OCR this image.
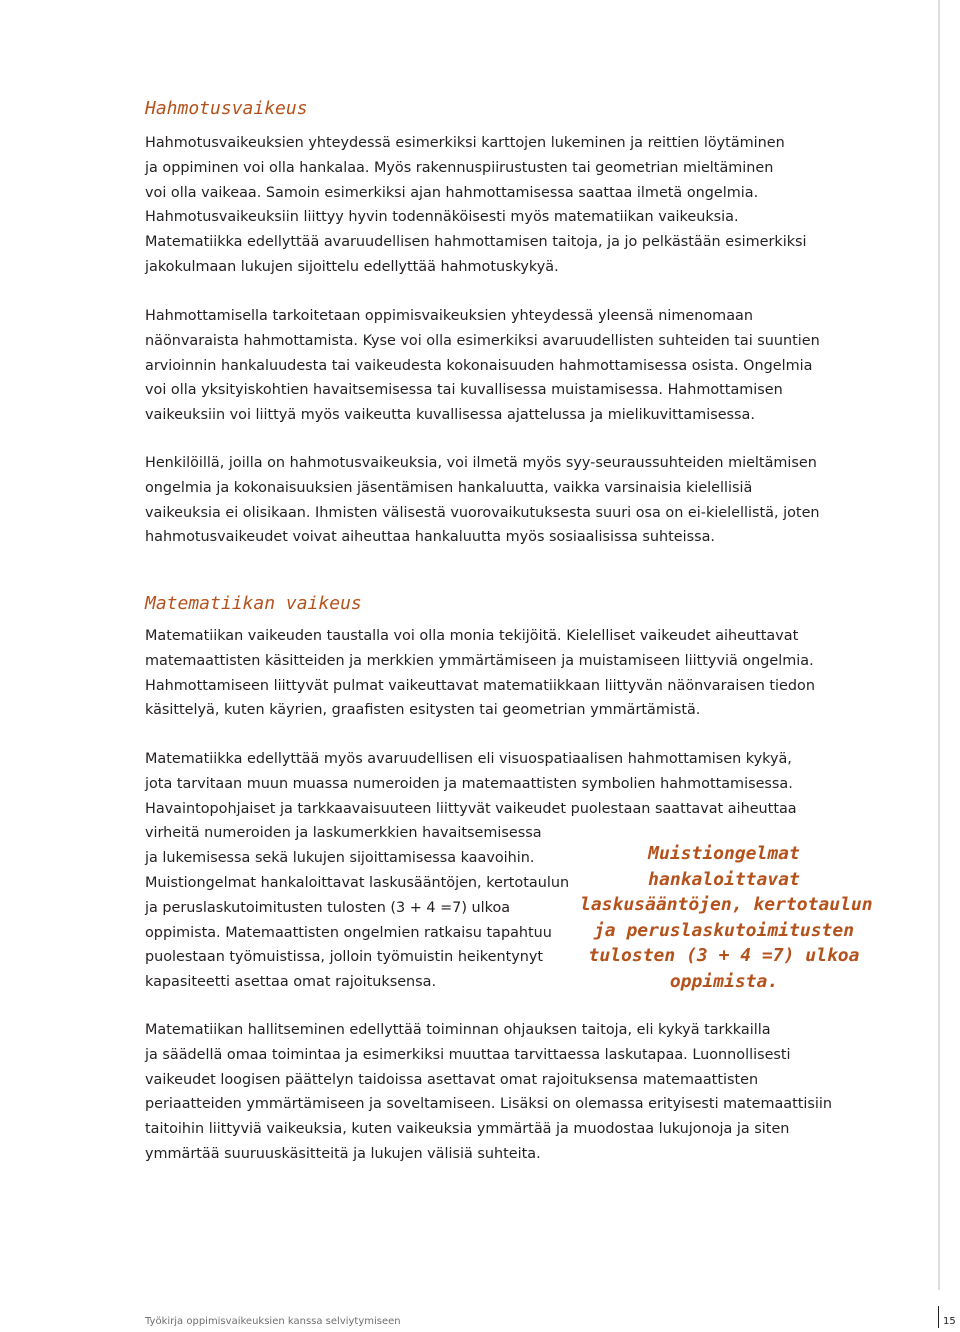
Hahmotusvaikeus
Hahmotusvaikeuksien yhteydessä esimerkiksi karttojen lukeminen ja reittien löytäminen
ja oppiminen voi olla hankalaa. Myös rakennuspiirustusten tai geometrian mieltäminen
voi olla vaikeaa. Samoin esimerkiksi ajan hahmottamisessa saattaa ilmetä ongelmia.
Hahmotusvaikeuksiin liittyy hyvin todennäköisesti myös matematiikan vaikeuksia.
Matematiikka edellyttää avaruudellisen hahmottamisen taitoja, ja jo pelkästään esimerkiksi
jakokulmaan lukujen sijoittelu edellyttää hahmotuskykyä.
Hahmottamisella tarkoitetaan oppimisvaikeuksien yhteydessä yleensä nimenomaan
näönvaraista hahmottamista. Kyse voi olla esimerkiksi avaruudellisten suhteiden tai suuntien
arvioinnin hankaluudesta tai vaikeudesta kokonaisuuden hahmottamisessa osista. Ongelmia
voi olla yksityiskohtien havaitsemisessa tai kuvallisessa muistamisessa. Hahmottamisen
vaikeuksiin voi liittyä myös vaikeutta kuvallisessa ajattelussa ja mielikuvittamisessa.
Henkilöillä, joilla on hahmotusvaikeuksia, voi ilmetä myös syy-seuraussuhteiden mieltämisen
ongelmia ja kokonaisuuksien jäsentämisen hankaluutta, vaikka varsinaisia kielellisiä
vaikeuksia ei olisikaan. Ihmisten välisestä vuorovaikutuksesta suuri osa on ei-kielellistä, joten
hahmotusvaikeudet voivat aiheuttaa hankaluutta myös sosiaalisissa suhteissa.
Matematiikan vaikeus
Matematiikan vaikeuden taustalla voi olla monia tekijöitä. Kielelliset vaikeudet aiheuttavat
matemaattisten käsitteiden ja merkkien ymmärtämiseen ja muistamiseen liittyviä ongelmia.
Hahmottamiseen liittyvät pulmat vaikeuttavat matematiikkaan liittyvän näönvaraisen tiedon
käsittelyä, kuten käyrien, graafisten esitysten tai geometrian ymmärtämistä.
Matematiikka edellyttää myös avaruudellisen eli visuospatiaalisen hahmottamisen kykyä,
jota tarvitaan muun muassa numeroiden ja matemaattisten symbolien hahmottamisessa.
Havaintopohjaiset ja tarkkaavaisuuteen liittyvät vaikeudet puolestaan saattavat aiheuttaa
virheitä numeroiden ja laskumerkkien havaitsemisessa
ja lukemisessa sekä lukujen sijoittamisessa kaavoihin.
Muistiongelmat hankaloittavat laskusääntöjen, kertotaulun
ja peruslaskutoimitusten tulosten (3 + 4 =7) ulkoa
oppimista. Matemaattisten ongelmien ratkaisu tapahtuu
puolestaan työmuistissa, jolloin työmuistin heikentynyt
kapasiteetti asettaa omat rajoituksensa.
Matematiikan hallitseminen edellyttää toiminnan ohjauksen taitoja, eli kykyä tarkkailla
ja säädellä omaa toimintaa ja esimerkiksi muuttaa tarvittaessa laskutapaa. Luonnollisesti
vaikeudet loogisen päättelyn taidoissa asettavat omat rajoituksensa matemaattisten
periaatteiden ymmärtämiseen ja soveltamiseen. Lisäksi on olemassa erityisesti matemaattisiin
taitoihin liittyviä vaikeuksia, kuten vaikeuksia ymmärtää ja muodostaa lukujonoja ja siten
ymmärtää suuruuskäsitteitä ja lukujen välisiä suhteita.
Muistiongelmat
hankaloittavat
laskusääntöjen, kertotaulun
ja peruslaskutoimitusten
tulosten (3 + 4 =7) ulkoa
oppimista.
Työkirja oppimisvaikeuksien kanssa selviytymiseen	15
